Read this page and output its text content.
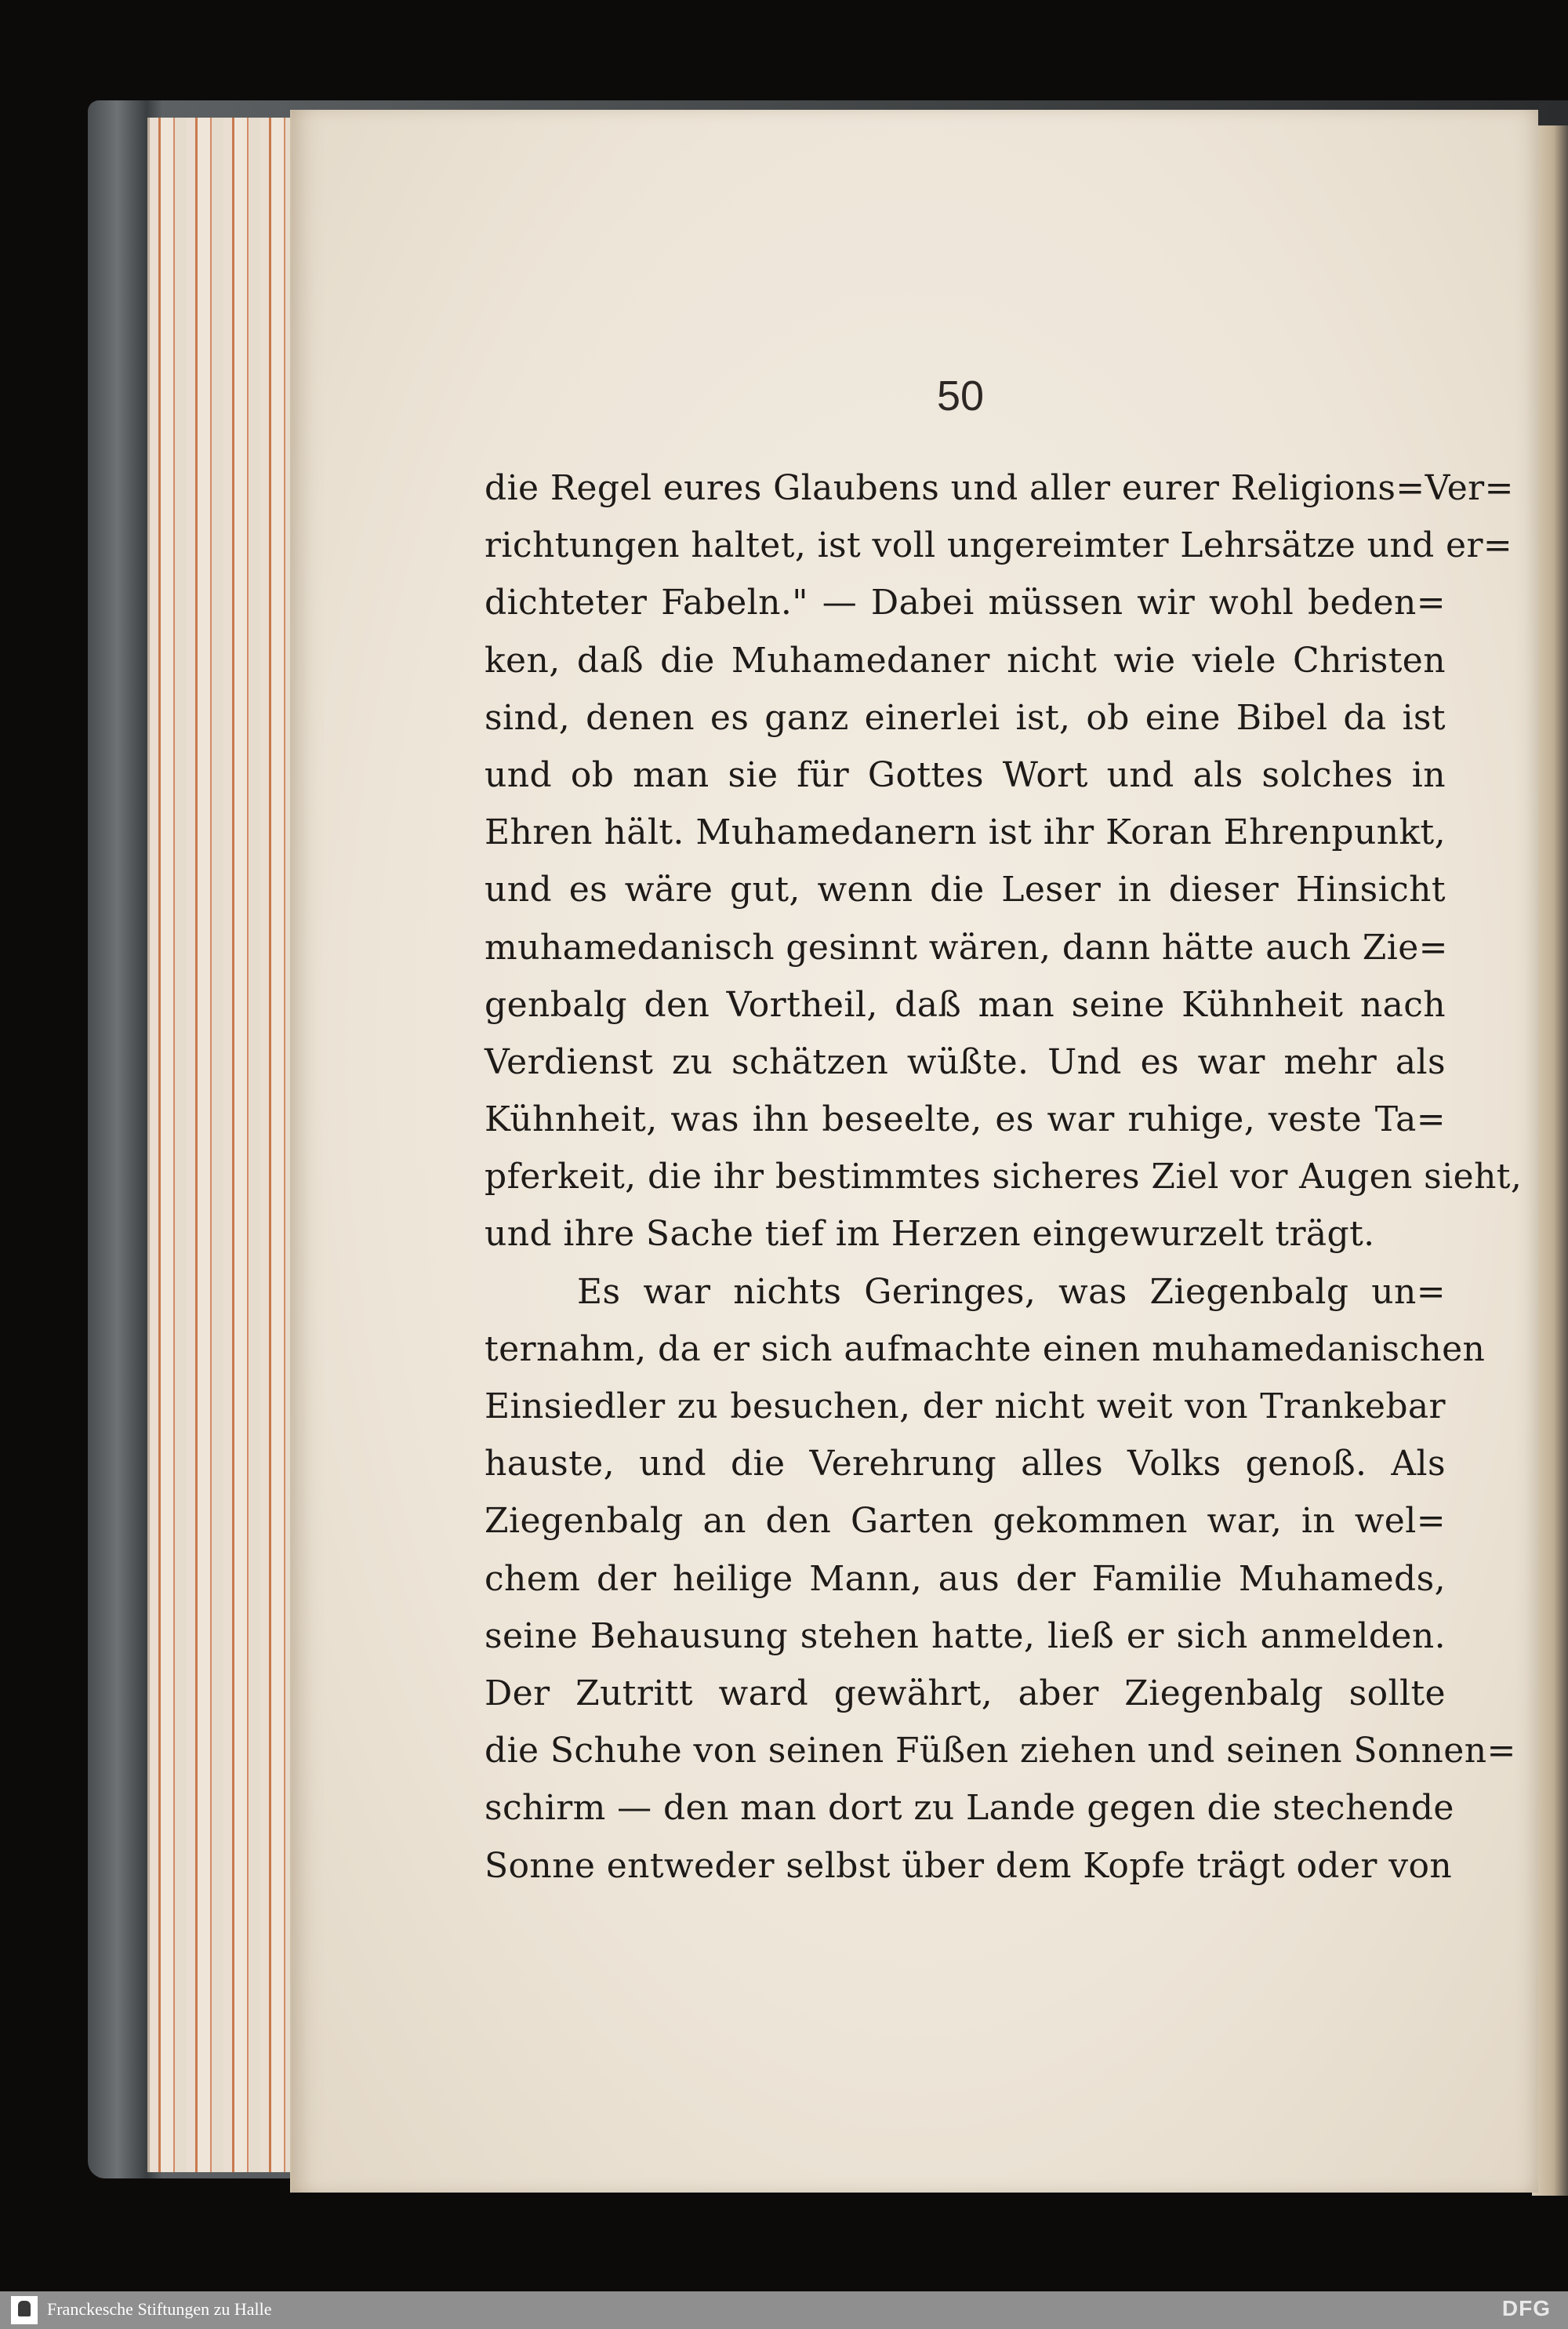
50
die Regel eures Glaubens und aller eurer Religions=Ver=
richtungen haltet, ist voll ungereimter Lehrsätze und er=
dichteter Fabeln." — Dabei müssen wir wohl beden=
ken, daß die Muhamedaner nicht wie viele Christen
sind, denen es ganz einerlei ist, ob eine Bibel da ist
und ob man sie für Gottes Wort und als solches in
Ehren hält. Muhamedanern ist ihr Koran Ehrenpunkt,
und es wäre gut, wenn die Leser in dieser Hinsicht
muhamedanisch gesinnt wären, dann hätte auch Zie=
genbalg den Vortheil, daß man seine Kühnheit nach
Verdienst zu schätzen wüßte. Und es war mehr als
Kühnheit, was ihn beseelte, es war ruhige, veste Ta=
pferkeit, die ihr bestimmtes sicheres Ziel vor Augen sieht,
und ihre Sache tief im Herzen eingewurzelt trägt.
Es war nichts Geringes, was Ziegenbalg un=
ternahm, da er sich aufmachte einen muhamedanischen
Einsiedler zu besuchen, der nicht weit von Trankebar
hauste, und die Verehrung alles Volks genoß. Als
Ziegenbalg an den Garten gekommen war, in wel=
chem der heilige Mann, aus der Familie Muhameds,
seine Behausung stehen hatte, ließ er sich anmelden.
Der Zutritt ward gewährt, aber Ziegenbalg sollte
die Schuhe von seinen Füßen ziehen und seinen Sonnen=
schirm — den man dort zu Lande gegen die stechende
Sonne entweder selbst über dem Kopfe trägt oder von
Franckesche Stiftungen zu Halle	DFG
